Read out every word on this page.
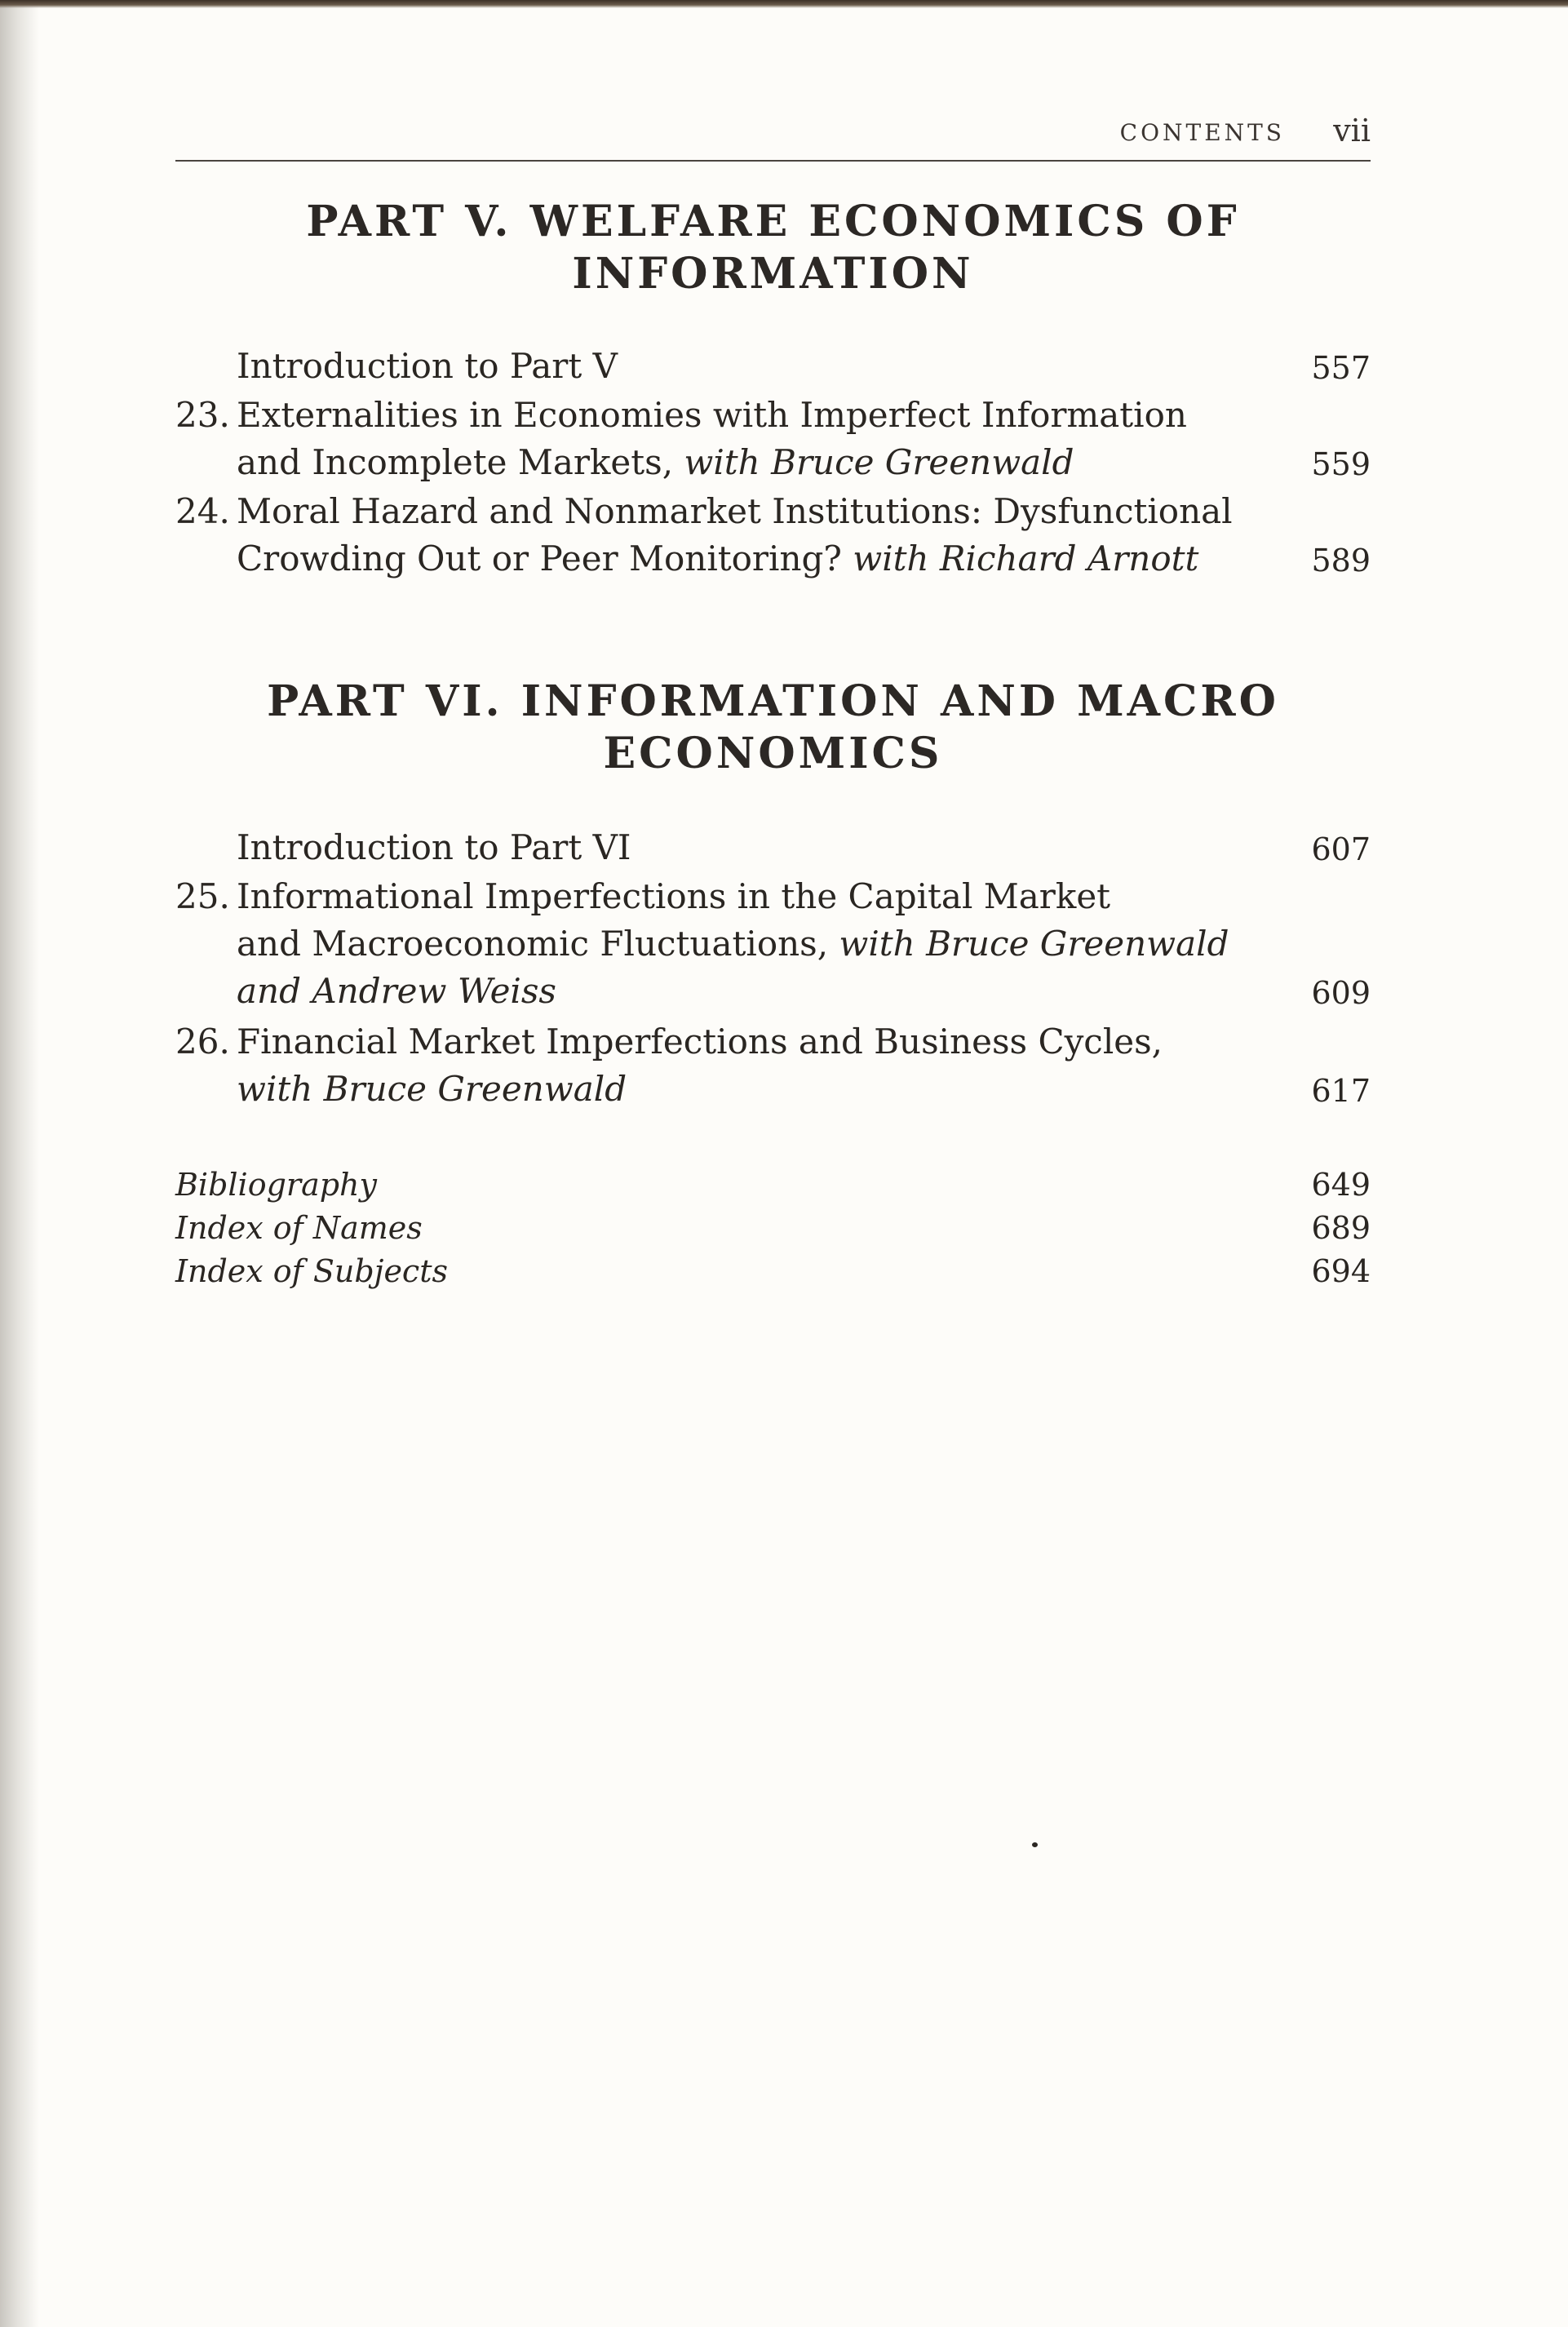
CONTENTS vii
PART V. WELFARE ECONOMICS OF
INFORMATION
Introduction to Part V	557
23. Externalities in Economies with Imperfect Information
and Incomplete Markets, with Bruce Greenwald	559
24. Moral Hazard and Nonmarket Institutions: Dysfunctional
Crowding Out or Peer Monitoring? with Richard Arnott	589
PART VI. INFORMATION AND MACRO
ECONOMICS
Introduction to Part VI	607
25. Informational Imperfections in the Capital Market
and Macroeconomic Fluctuations, with Bruce Greenwald
and Andrew Weiss	609
26. Financial Market Imperfections and Business Cycles,
with Bruce Greenwald	617
Bibliography	649
Index of Names	689
Index of Subjects	694
